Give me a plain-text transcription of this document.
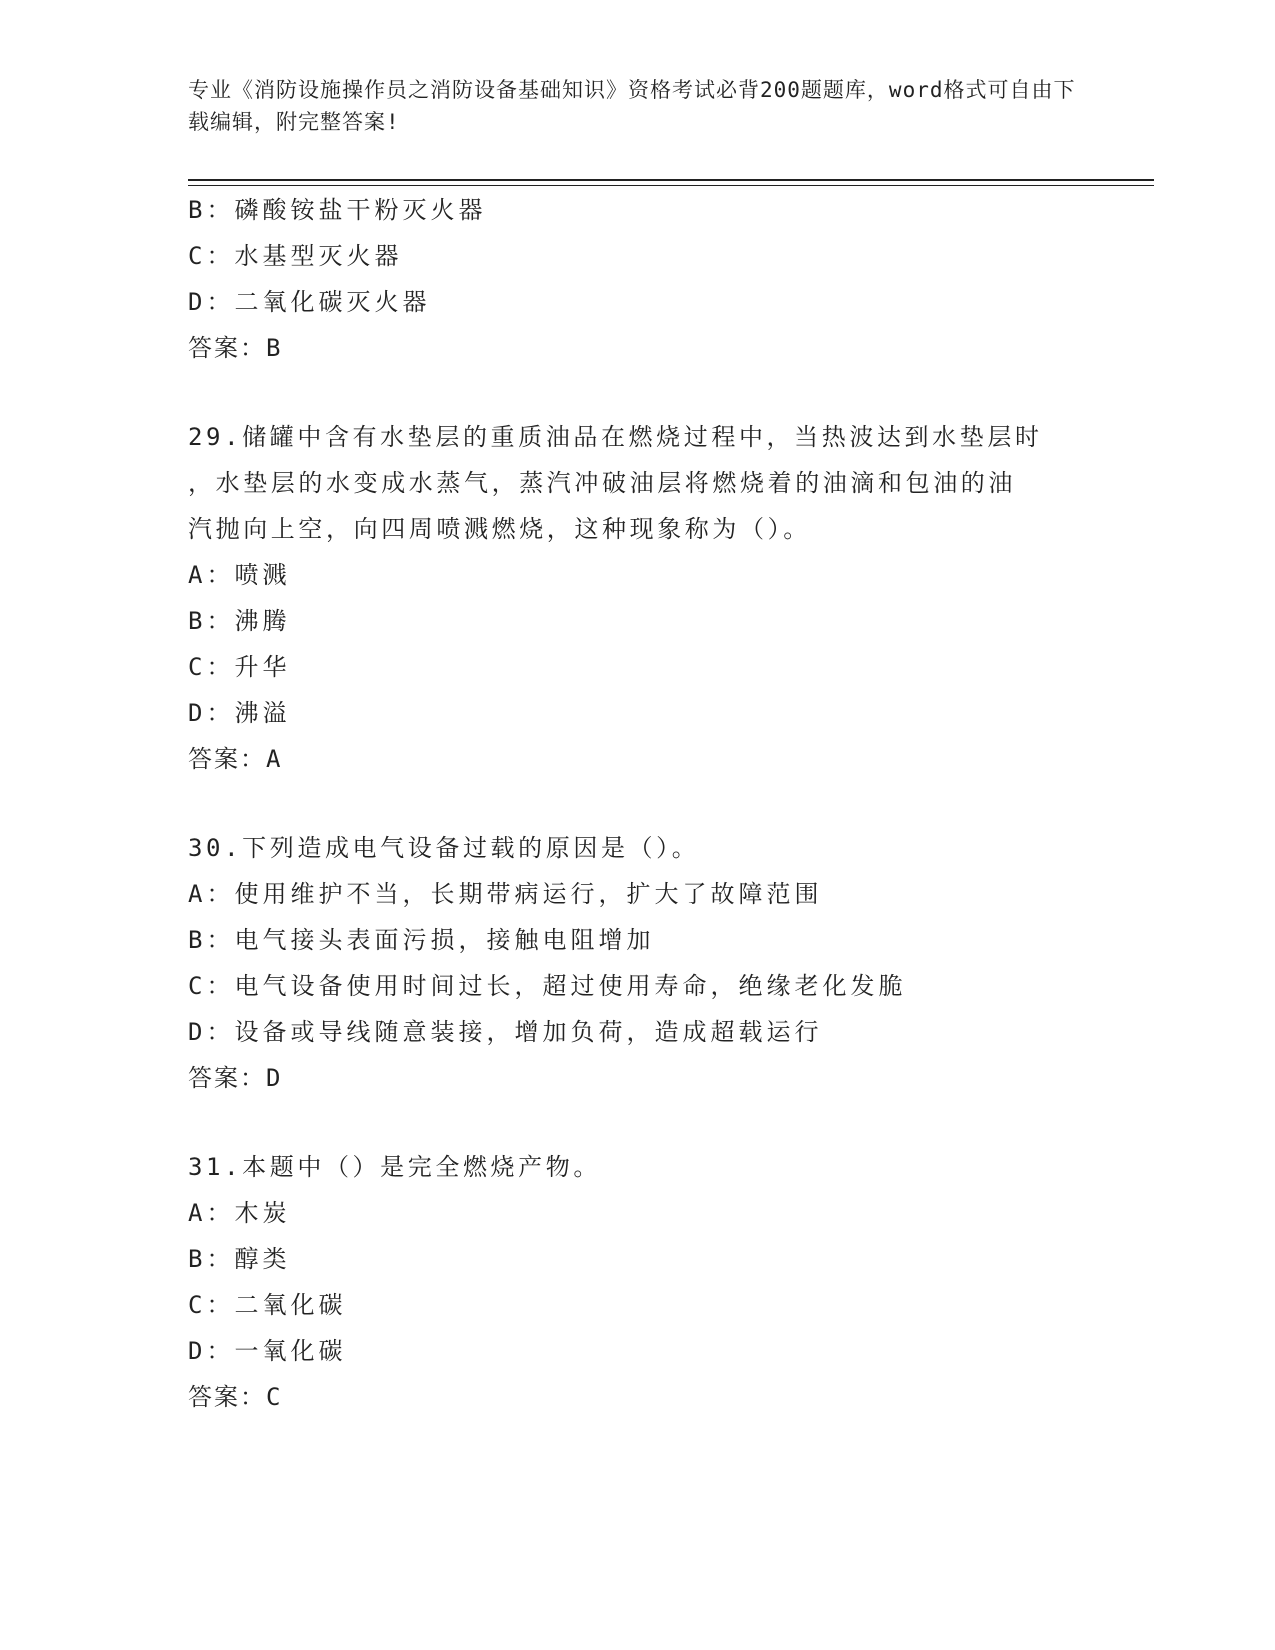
专业《消防设施操作员之消防设备基础知识》资格考试必背200题题库，word格式可自由下载编辑，附完整答案!
B：磷酸铵盐干粉灭火器
C：水基型灭火器
D：二氧化碳灭火器
答案：B
29.储罐中含有水垫层的重质油品在燃烧过程中，当热波达到水垫层时
，水垫层的水变成水蒸气，蒸汽冲破油层将燃烧着的油滴和包油的油
汽抛向上空，向四周喷溅燃烧，这种现象称为（）。
A：喷溅
B：沸腾
C：升华
D：沸溢
答案：A
30.下列造成电气设备过载的原因是（）。
A：使用维护不当，长期带病运行，扩大了故障范围
B：电气接头表面污损，接触电阻增加
C：电气设备使用时间过长，超过使用寿命，绝缘老化发脆
D：设备或导线随意装接，增加负荷，造成超载运行
答案：D
31.本题中（）是完全燃烧产物。
A：木炭
B：醇类
C：二氧化碳
D：一氧化碳
答案：C
